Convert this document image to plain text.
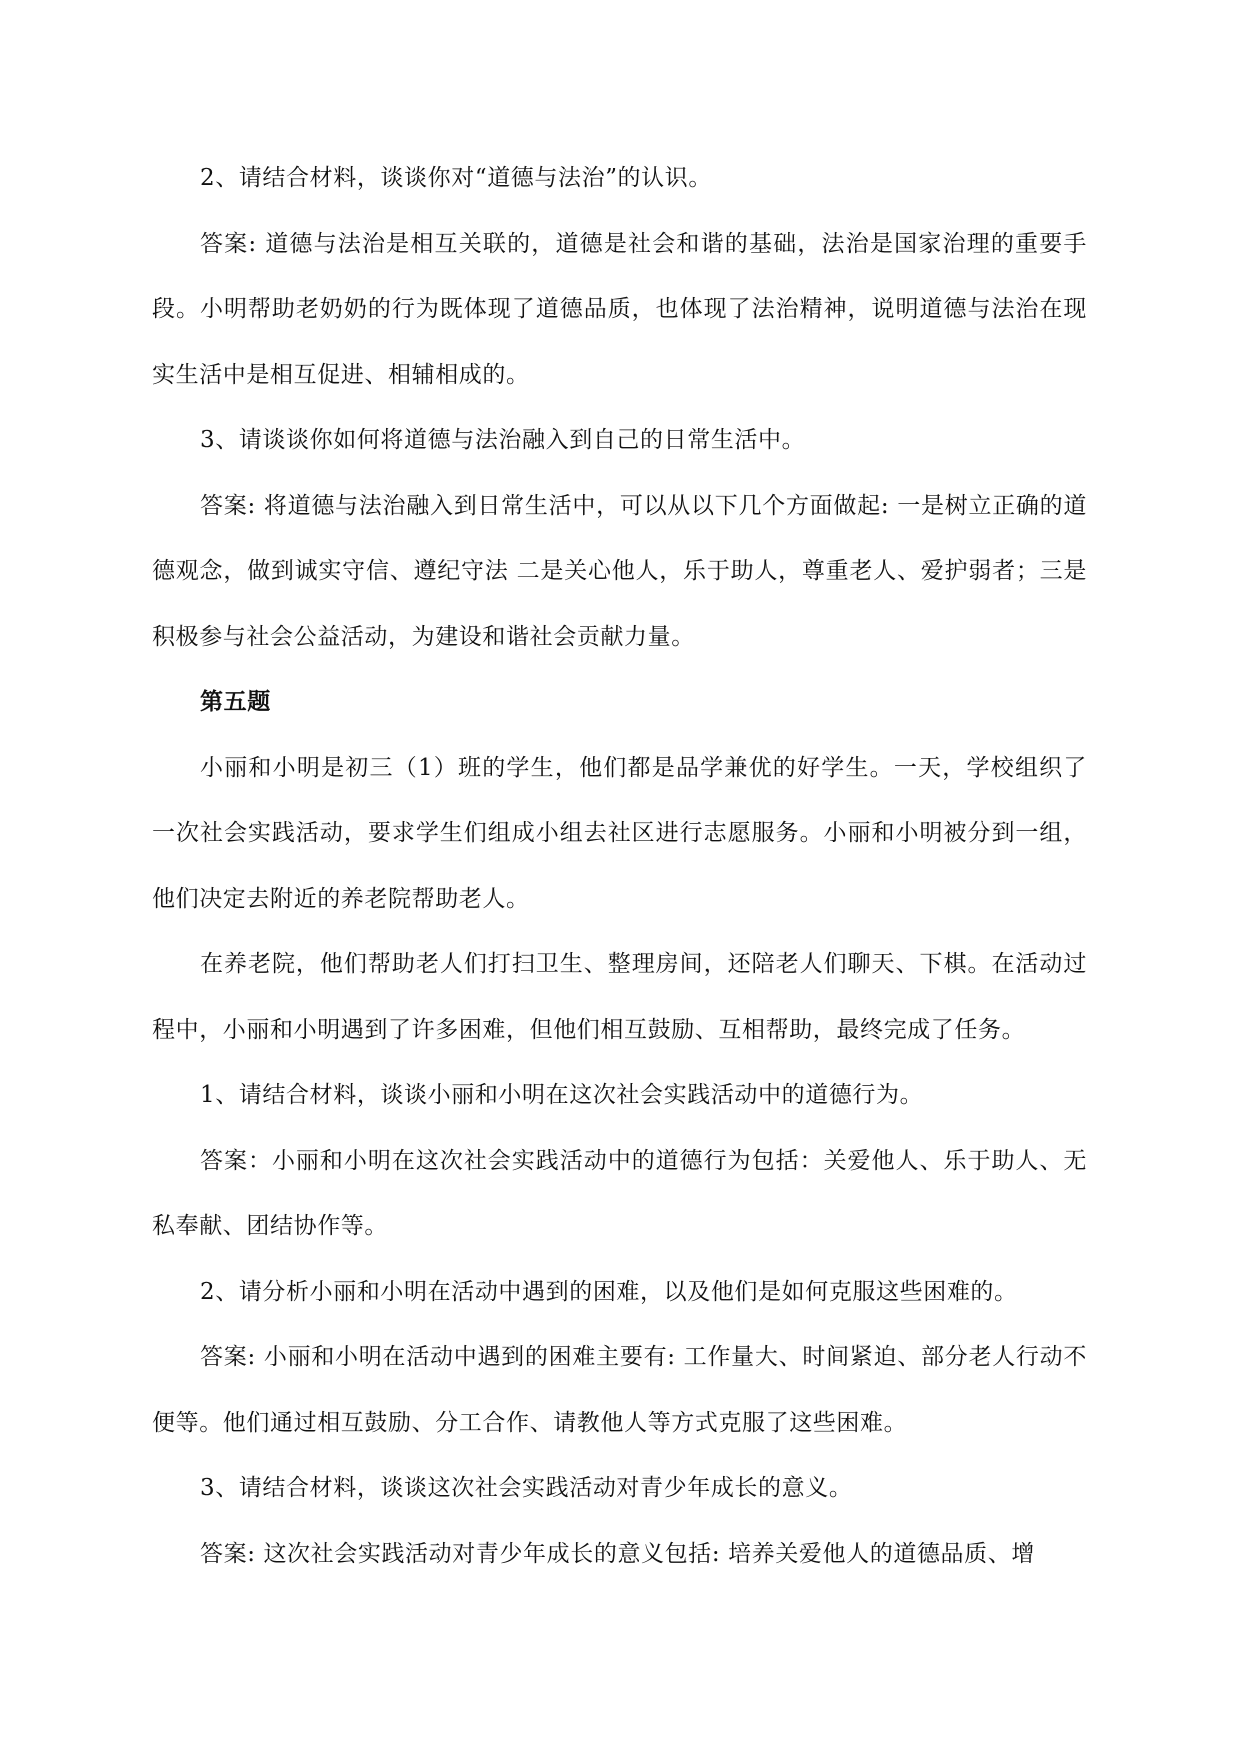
2、请结合材料，谈谈你对“道德与法治”的认识。

答案: 道德与法治是相互关联的，道德是社会和谐的基础，法治是国家治理的重要手段。小明帮助老奶奶的行为既体现了道德品质，也体现了法治精神，说明道德与法治在现实生活中是相互促进、相辅相成的。

3、请谈谈你如何将道德与法治融入到自己的日常生活中。

答案: 将道德与法治融入到日常生活中，可以从以下几个方面做起: 一是树立正确的道德观念，做到诚实守信、遵纪守法 二是关心他人，乐于助人，尊重老人、爱护弱者；三是积极参与社会公益活动，为建设和谐社会贡献力量。

第五题

小丽和小明是初三（1）班的学生，他们都是品学兼优的好学生。一天，学校组织了一次社会实践活动，要求学生们组成小组去社区进行志愿服务。小丽和小明被分到一组，他们决定去附近的养老院帮助老人。

在养老院，他们帮助老人们打扫卫生、整理房间，还陪老人们聊天、下棋。在活动过程中，小丽和小明遇到了许多困难，但他们相互鼓励、互相帮助，最终完成了任务。

1、请结合材料，谈谈小丽和小明在这次社会实践活动中的道德行为。

答案：小丽和小明在这次社会实践活动中的道德行为包括：关爱他人、乐于助人、无私奉献、团结协作等。

2、请分析小丽和小明在活动中遇到的困难，以及他们是如何克服这些困难的。

答案: 小丽和小明在活动中遇到的困难主要有: 工作量大、时间紧迫、部分老人行动不便等。他们通过相互鼓励、分工合作、请教他人等方式克服了这些困难。

3、请结合材料，谈谈这次社会实践活动对青少年成长的意义。

答案: 这次社会实践活动对青少年成长的意义包括: 培养关爱他人的道德品质、增
